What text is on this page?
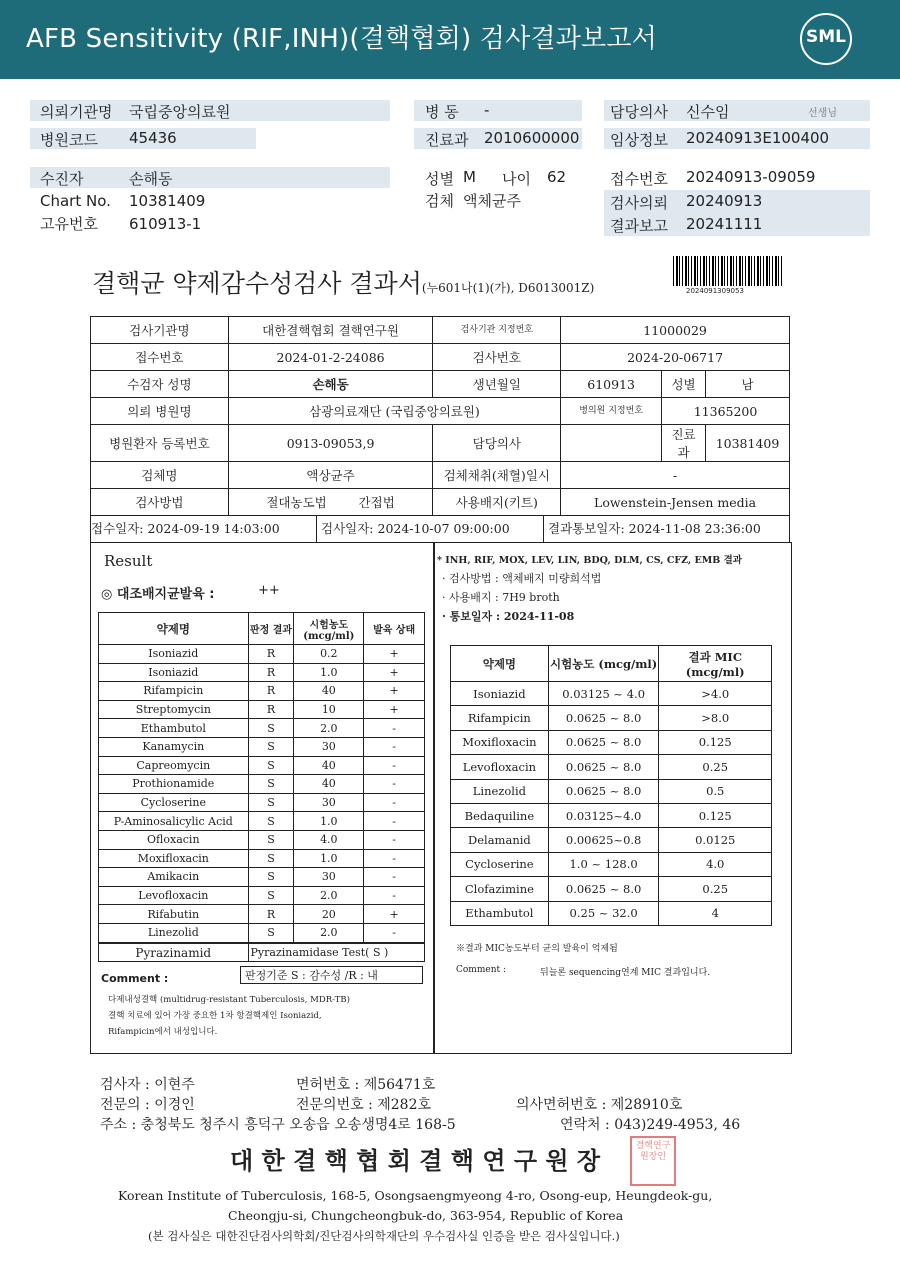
AFB Sensitivity (RIF,INH)(결핵협회) 검사결과보고서	SML
의뢰기관명 국립중앙의료원
병원코드 45436
병 동 -
진료과 2010600000
담당의사 신수임	선생님
임상정보 20240913E100400
수진자	손해동
Chart No. 10381409
고유번호 610913-1
성별 M 나이 62
검체 액체균주
접수번호 20240913-09059
검사의뢰 20240913
결과보고 20241111
결핵균 약제감수성검사 결과서(누601나(1)(가), D6013001Z)	2024091309053
검사기관명	대한결핵협회 결핵연구원	검사기관 지정번호	11000029		
접수번호	2024-01-2-24086	검사번호	2024-20-06717		
수검자 성명	손해동	생년월일	610913	성별	남
의뢰 병원명	삼광의료재단 (국립중앙의료원)		병의원 지정번호	11365200	
병원환자 등록번호	0913-09053,9	담당의사		진료과	10381409
검체명	액상균주	검체채취(채혈)일시	-		
검사방법	절대농도법 간접법	사용배지(키트)	Lowenstein-Jensen media		
접수일자: 2024-09-19 14:03:00 검사일자: 2024-10-07 09:00:00 결과통보일자: 2024-11-08 23:36:00					
Result
◎ 대조배지균발육 :	++
약제명	판정 결과	시험농도 (mcg/ml)	발육 상태
Isoniazid	R	0.2	+
Isoniazid	R	1.0	+
Rifampicin	R	40	+
Streptomycin	R	10	+
Ethambutol	S	2.0	-
Kanamycin	S	30	-
Capreomycin	S	40	-
Prothionamide	S	40	-
Cycloserine	S	30	-
P-Aminosalicylic Acid	S	1.0	-
Ofloxacin	S	4.0	-
Moxifloxacin	S	1.0	-
Amikacin	S	30	-
Levofloxacin	S	2.0	-
Rifabutin	R	20	+
Linezolid	S	2.0	-
Pyrazinamid	Pyrazinamidase Test( S )
판정기준 S : 감수성 /R : 내
Comment :
다제내성결핵 (multidrug-resistant Tuberculosis, MDR-TB)
결핵 치료에 있어 가장 중요한 1차 항결핵제인 Isoniazid,
Rifampicin에서 내성입니다.
* INH, RIF, MOX, LEV, LIN, BDQ, DLM, CS, CFZ, EMB 결과
· 검사방법 : 액체배지 미량희석법
· 사용배지 : 7H9 broth
· 통보일자 : 2024-11-08
약제명	시험농도 (mcg/ml)	결과 MIC (mcg/ml)
Isoniazid	0.03125 ~ 4.0	>4.0
Rifampicin	0.0625 ~ 8.0	>8.0
Moxifloxacin	0.0625 ~ 8.0	0.125
Levofloxacin	0.0625 ~ 8.0	0.25
Linezolid	0.0625 ~ 8.0	0.5
Bedaquiline	0.03125~4.0	0.125
Delamanid	0.00625~0.8	0.0125
Cycloserine	1.0 ~ 128.0	4.0
Clofazimine	0.0625 ~ 8.0	0.25
Ethambutol	0.25 ~ 32.0	4
※결과 MIC농도부터 균의 발육이 억제됨
Comment :	뒤늘론 sequencing연계 MIC 결과입니다.
검사자 : 이현주	면허번호 : 제56471호
전문의 : 이경인	전문의번호 : 제282호	의사면허번호 : 제28910호
주소 : 충청북도 청주시 흥덕구 오송읍 오송생명4로 168-5	연락처 : 043)249-4953, 46
대 한 결 핵 협 회 결 핵 연 구 원 장	결핵연구원장인
Korean Institute of Tuberculosis, 168-5, Osongsaengmyeong 4-ro, Osong-eup, Heungdeok-gu,
Cheongju-si, Chungcheongbuk-do, 363-954, Republic of Korea
(본 검사실은 대한진단검사의학회/진단검사의학재단의 우수검사실 인증을 받은 검사실입니다.)
